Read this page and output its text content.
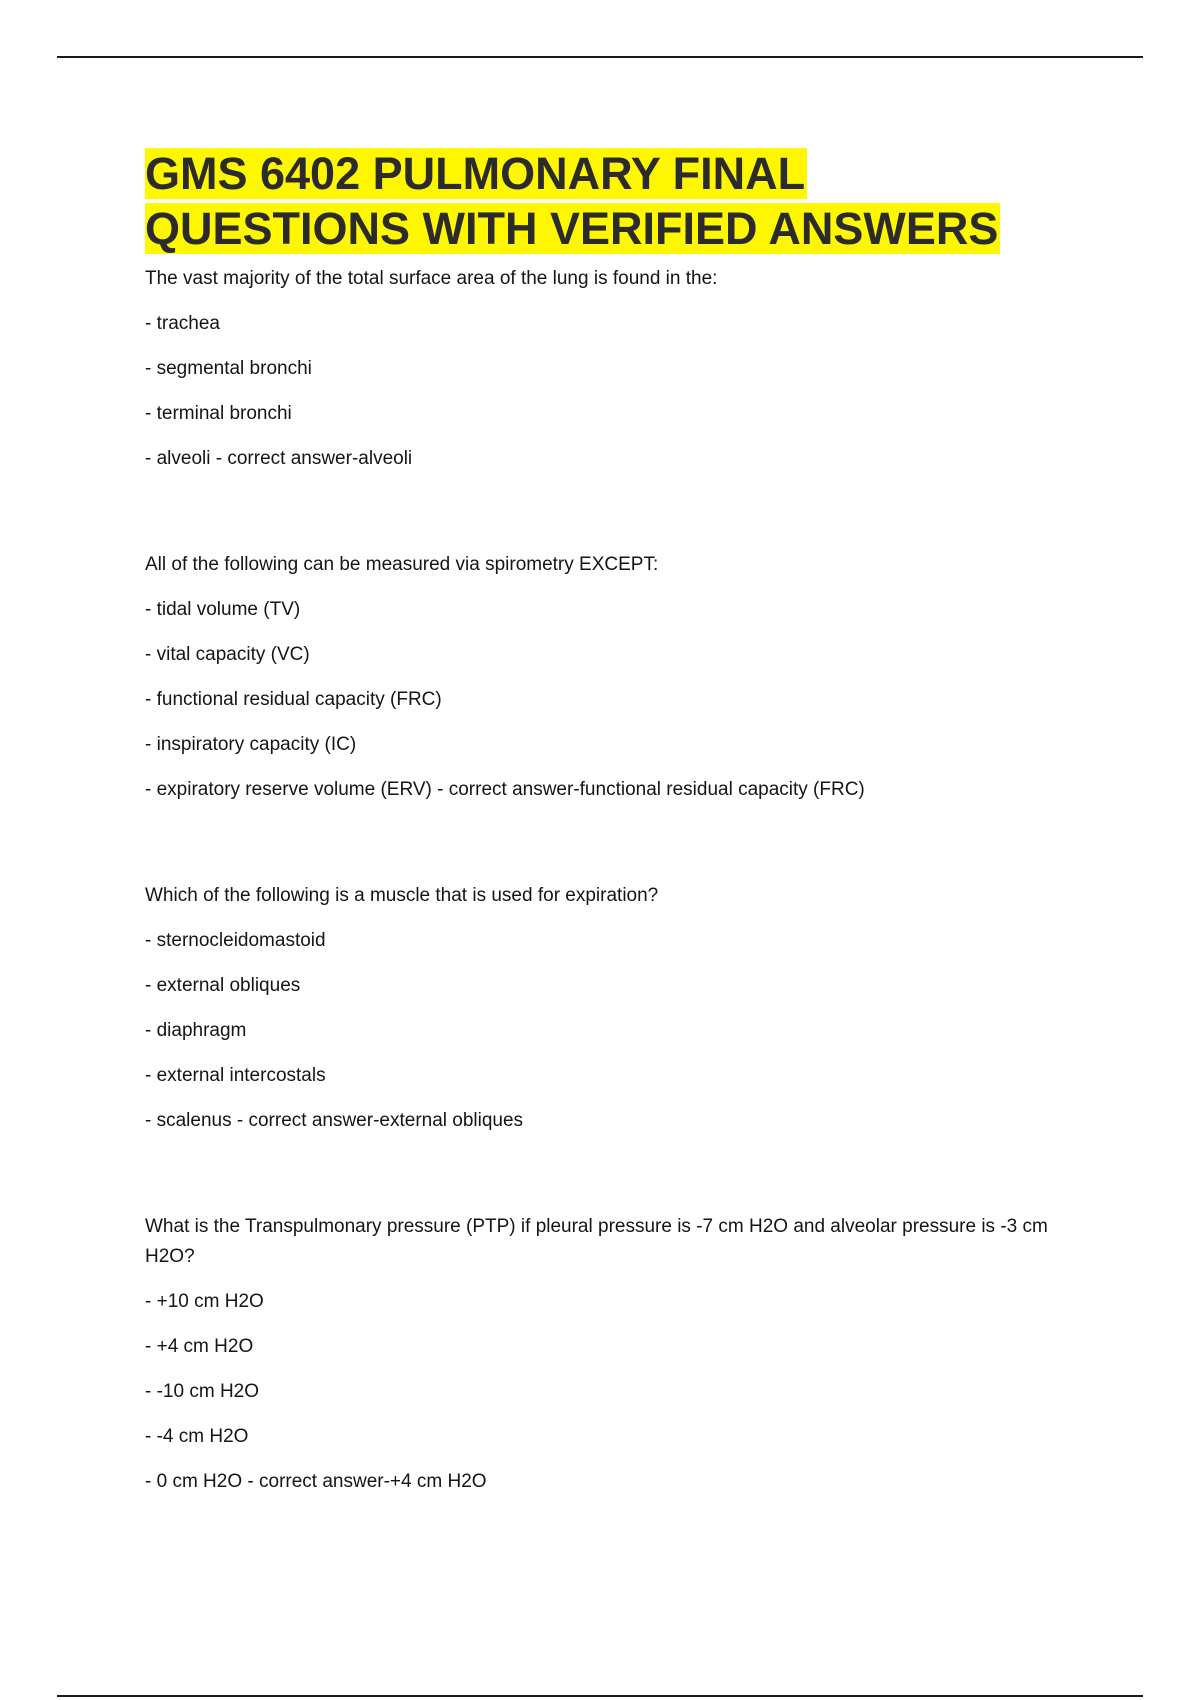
GMS 6402 PULMONARY FINAL QUESTIONS WITH VERIFIED ANSWERS

The vast majority of the total surface area of the lung is found in the:

- trachea

- segmental bronchi

- terminal bronchi

- alveoli - correct answer-alveoli

All of the following can be measured via spirometry EXCEPT:

- tidal volume (TV)

- vital capacity (VC)

- functional residual capacity (FRC)

- inspiratory capacity (IC)

- expiratory reserve volume (ERV) - correct answer-functional residual capacity (FRC)

Which of the following is a muscle that is used for expiration?

- sternocleidomastoid

- external obliques

- diaphragm

- external intercostals

- scalenus - correct answer-external obliques

What is the Transpulmonary pressure (PTP) if pleural pressure is -7 cm H2O and alveolar pressure is -3 cm H2O?

- +10 cm H2O

- +4 cm H2O

- -10 cm H2O

- -4 cm H2O

- 0 cm H2O - correct answer-+4 cm H2O
